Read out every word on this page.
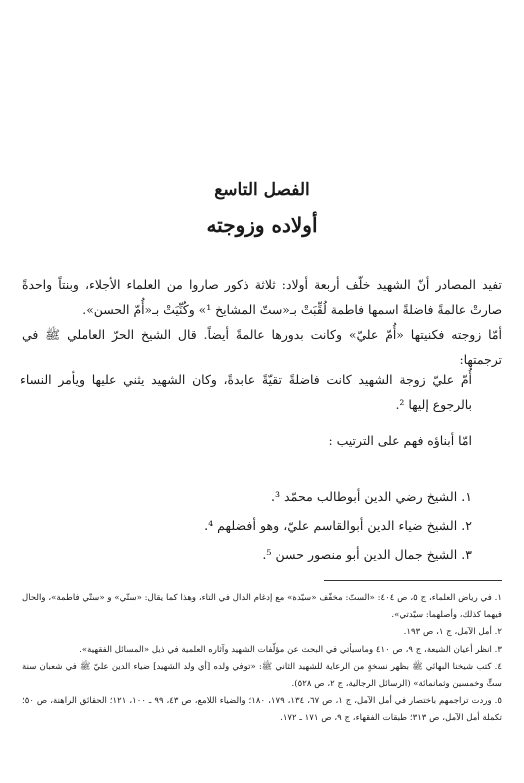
الفصل التاسع
أولاده وزوجته

تفيد المصادر أنّ الشهيد خلّف أربعة أولاد: ثلاثة ذكور صاروا من العلماء الأجلاء، وبنتاً واحدةً صارتْ عالمةً فاضلةً اسمها فاطمة لُقِّبَتْ بـ«ستّ المشايخ ¹» وكُنِّيَتْ بـ«أُمّ الحسن».

أمّا زوجته فكنيتها «أُمّ عليّ» وكانت بدورها عالمةً أيضاً. قال الشيخ الحرّ العاملي ﷺ في ترجمتها:

أُمّ عليّ زوجة الشهيد كانت فاضلةً تقيّةً عابدةً، وكان الشهيد يثني عليها ويأمر النساء بالرجوع إليها ².

امّا أبناؤه فهم على الترتيب :
١. الشيخ رضي الدين أبوطالب محمّد ³.
٢. الشيخ ضياء الدين أبوالقاسم عليّ، وهو أفضلهم ⁴.
٣. الشيخ جمال الدين أبو منصور حسن ⁵.

١. في رياض العلماء، ج ٥، ص ٤٠٤: «الستّ: مخفّف «سيّدة» مع إدغام الدال في التاء، وهذا كما يقال: «ستّي» و «ستّي فاطمة»، والحال فيهما كذلك، وأصلهما: سيّدتي».

٢. أمل الآمل، ج ١، ص ١٩٣.

٣. انظر أعيان الشيعة، ج ٩، ص ٤١٠ وماسيأتي في البحث عن مؤلّفات الشهيد وآثاره العلمية في ذيل «المسائل الفقهية».

٤. كتب شيخنا البهائي ﷺ بظهر نسخةٍ من الرعاية للشهيد الثاني ﷺ: «توفي ولده [أي ولد الشهيد] ضياء الدين عليّ ﷺ في شعبان سنة ستٍّ وخمسين وثمانمائة» (الرسائل الرجالية، ج ٢، ص ٥٢٨).

٥. وردت تراجمهم باختصار في أمل الآمل، ج ١، ص ٦٧، ١٣٤، ١٧٩، ١٨٠؛ والضياء اللامع، ص ٤٣، ٩٩ ـ ١٠٠، ١٢١؛ الحقائق الراهنة، ص ٥٠؛ تكملة أمل الآمل، ص ٣١٣؛ طبقات الفقهاء، ج ٩، ص ١٧١ ـ ١٧٢.
